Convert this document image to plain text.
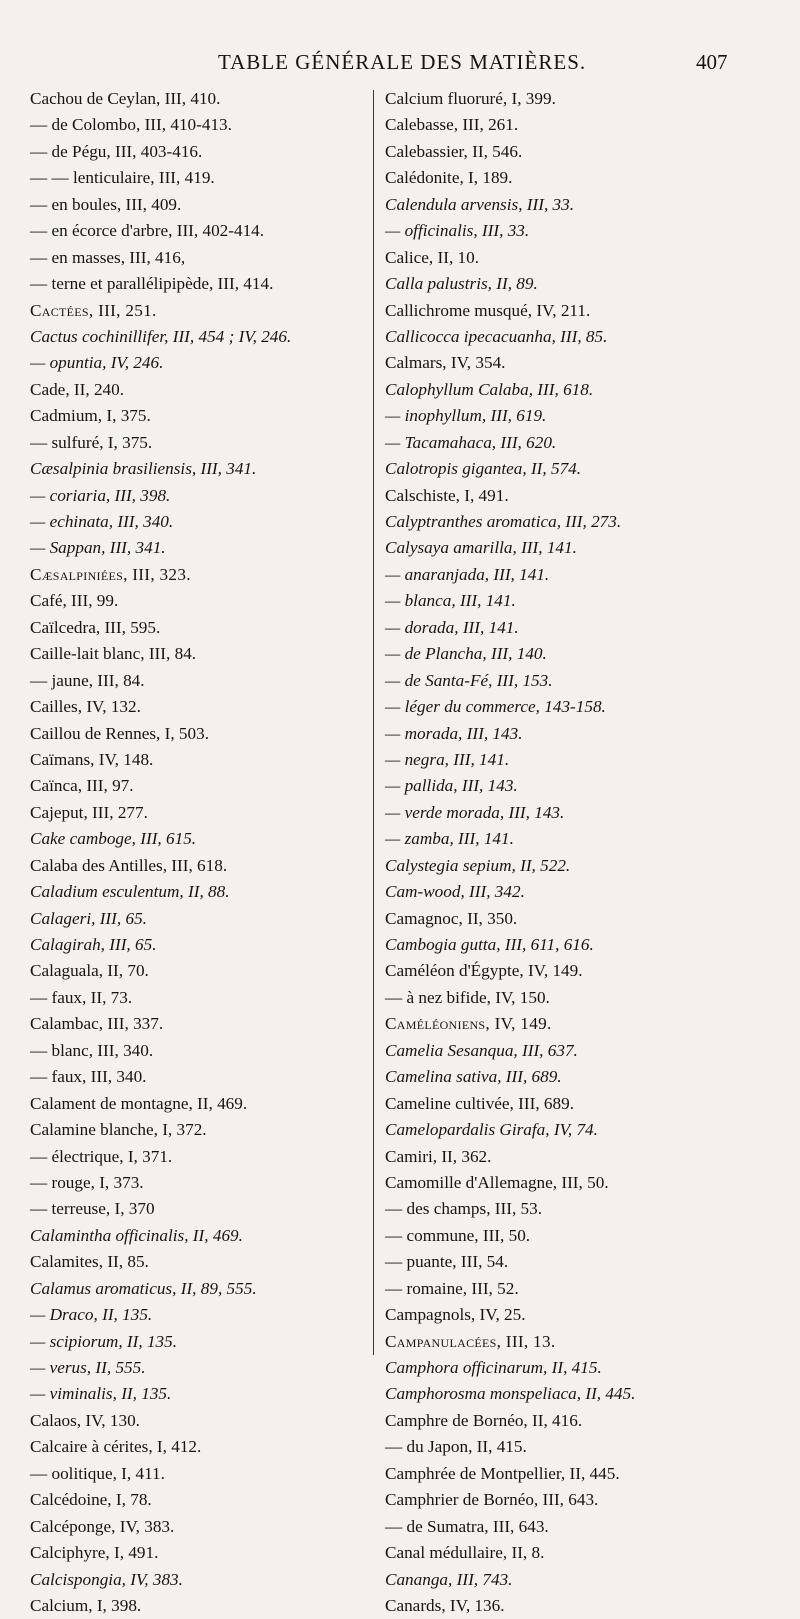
TABLE GÉNÉRALE DES MATIÈRES.	407
Cachou de Ceylan, III, 410.
— de Colombo, III, 410-413.
— de Pégu, III, 403-416.
— — lenticulaire, III, 419.
— en boules, III, 409.
— en écorce d'arbre, III, 402-414.
— en masses, III, 416,
— terne et parallélipipède, III, 414.
Cactées, III, 251.
Cactus cochinillifer, III, 454 ; IV, 246.
— opuntia, IV, 246.
Cade, II, 240.
Cadmium, I, 375.
— sulfuré, I, 375.
Cæsalpinia brasiliensis, III, 341.
— coriaria, III, 398.
— echinata, III, 340.
— Sappan, III, 341.
Cæsalpiniées, III, 323.
Café, III, 99.
Caïlcedra, III, 595.
Caille-lait blanc, III, 84.
— jaune, III, 84.
Cailles, IV, 132.
Caillou de Rennes, I, 503.
Caïmans, IV, 148.
Caïnca, III, 97.
Cajeput, III, 277.
Cake camboge, III, 615.
Calaba des Antilles, III, 618.
Caladium esculentum, II, 88.
Calageri, III, 65.
Calagirah, III, 65.
Calaguala, II, 70.
— faux, II, 73.
Calambac, III, 337.
— blanc, III, 340.
— faux, III, 340.
Calament de montagne, II, 469.
Calamine blanche, I, 372.
— électrique, I, 371.
— rouge, I, 373.
— terreuse, I, 370
Calamintha officinalis, II, 469.
Calamites, II, 85.
Calamus aromaticus, II, 89, 555.
— Draco, II, 135.
— scipiorum, II, 135.
— verus, II, 555.
— viminalis, II, 135.
Calaos, IV, 130.
Calcaire à cérites, I, 412.
— oolitique, I, 411.
Calcédoine, I, 78.
Calcéponge, IV, 383.
Calciphyre, I, 491.
Calcispongia, IV, 383.
Calcium, I, 398.
Calcium fluoruré, I, 399.
Calebasse, III, 261.
Calebassier, II, 546.
Calédonite, I, 189.
Calendula arvensis, III, 33.
— officinalis, III, 33.
Calice, II, 10.
Calla palustris, II, 89.
Callichrome musqué, IV, 211.
Callicocca ipecacuanha, III, 85.
Calmars, IV, 354.
Calophyllum Calaba, III, 618.
— inophyllum, III, 619.
— Tacamahaca, III, 620.
Calotropis gigantea, II, 574.
Calschiste, I, 491.
Calyptranthes aromatica, III, 273.
Calysaya amarilla, III, 141.
— anaranjada, III, 141.
— blanca, III, 141.
— dorada, III, 141.
— de Plancha, III, 140.
— de Santa-Fé, III, 153.
— léger du commerce, 143-158.
— morada, III, 143.
— negra, III, 141.
— pallida, III, 143.
— verde morada, III, 143.
— zamba, III, 141.
Calystegia sepium, II, 522.
Cam-wood, III, 342.
Camagnoc, II, 350.
Cambogia gutta, III, 611, 616.
Caméléon d'Égypte, IV, 149.
— à nez bifide, IV, 150.
Caméléoniens, IV, 149.
Camelia Sesanqua, III, 637.
Camelina sativa, III, 689.
Cameline cultivée, III, 689.
Camelopardalis Girafa, IV, 74.
Camiri, II, 362.
Camomille d'Allemagne, III, 50.
— des champs, III, 53.
— commune, III, 50.
— puante, III, 54.
— romaine, III, 52.
Campagnols, IV, 25.
Campanulacées, III, 13.
Camphora officinarum, II, 415.
Camphorosma monspeliaca, II, 445.
Camphre de Bornéo, II, 416.
— du Japon, II, 415.
Camphrée de Montpellier, II, 445.
Camphrier de Bornéo, III, 643.
— de Sumatra, III, 643.
Canal médullaire, II, 8.
Cananga, III, 743.
Canards, IV, 136.
